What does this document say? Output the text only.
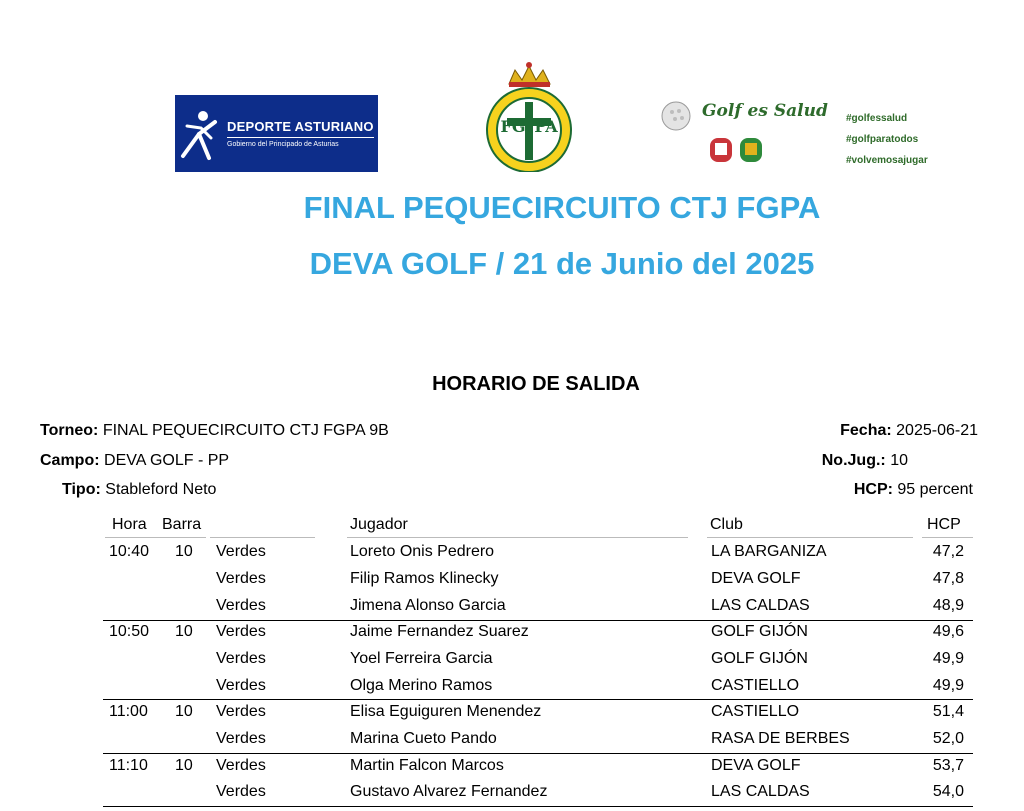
DEPORTE ASTURIANO
Gobierno del Principado de Asturias
FG PA
Golf es Salud #golfessalud
#golfparatodos
#volvemosajugar
FINAL PEQUECIRCUITO CTJ FGPA
DEVA GOLF / 21 de Junio del 2025
HORARIO DE SALIDA
Torneo: FINAL PEQUECIRCUITO CTJ FGPA 9B
Campo: DEVA GOLF - PP
Tipo: Stableford Neto
Fecha: 2025-06-21
No.Jug.: 10
HCP: 95 percent
Hora Barra	Jugador	Club	HCP
10:40 10 Verdes	Loreto Onis Pedrero	LA BARGANIZA	47,2
Verdes	Filip Ramos Klinecky	DEVA GOLF	47,8
Verdes	Jimena Alonso Garcia	LAS CALDAS	48,9
10:50 10 Verdes	Jaime Fernandez Suarez	GOLF GIJÓN	49,6
Verdes	Yoel Ferreira Garcia	GOLF GIJÓN	49,9
Verdes	Olga Merino Ramos	CASTIELLO	49,9
11:00 10 Verdes	Elisa Eguiguren Menendez	CASTIELLO	51,4
Verdes	Marina Cueto Pando	RASA DE BERBES	52,0
11:10 10 Verdes	Martin Falcon Marcos	DEVA GOLF	53,7
Verdes	Gustavo Alvarez Fernandez	LAS CALDAS	54,0
